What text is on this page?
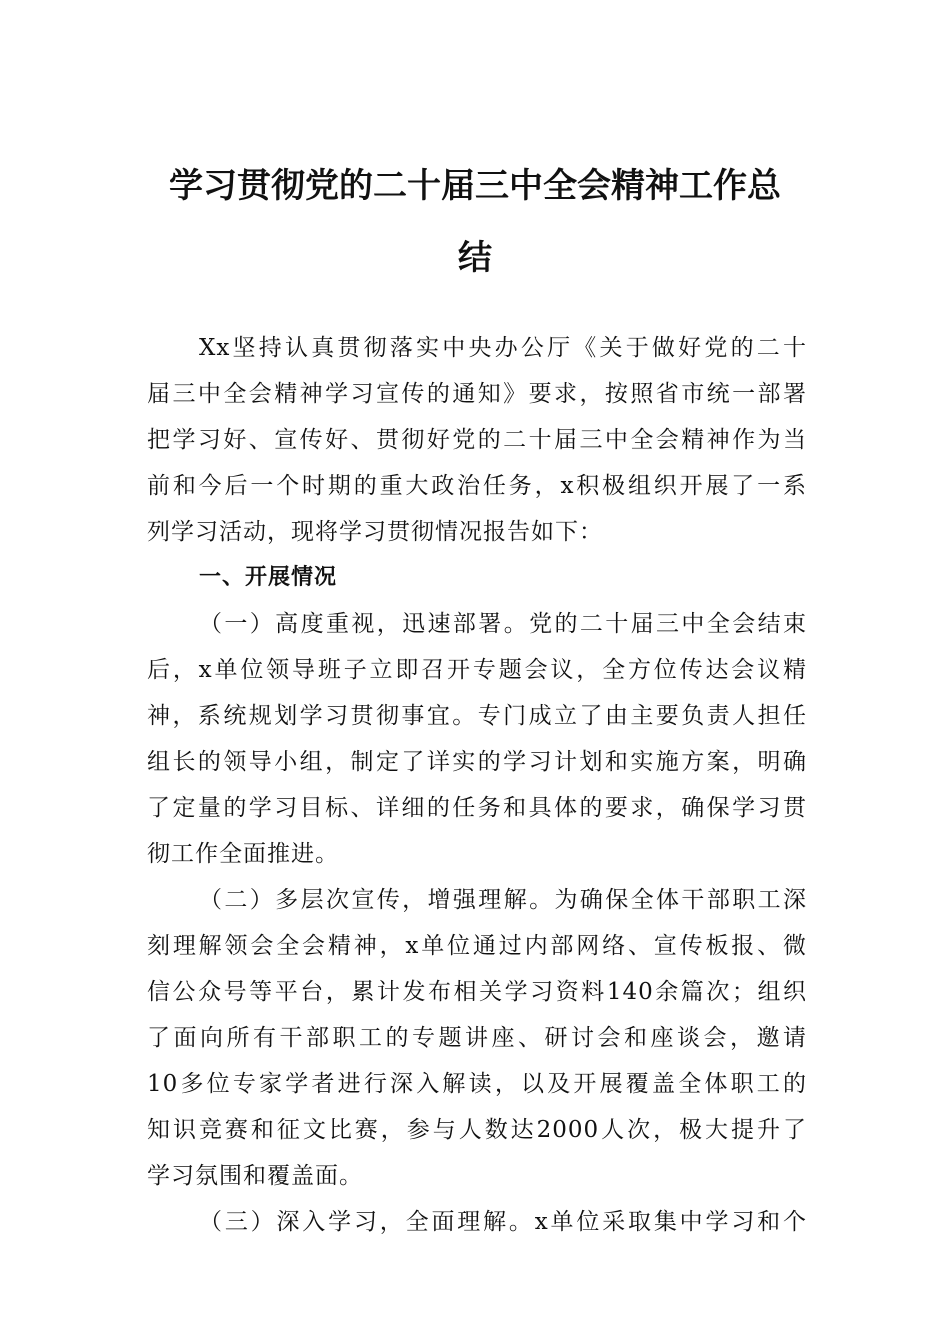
学习贯彻党的二十届三中全会精神工作总
结
Xx坚持认真贯彻落实中央办公厅《关于做好党的二十
届三中全会精神学习宣传的通知》要求，按照省市统一部署
把学习好、宣传好、贯彻好党的二十届三中全会精神作为当
前和今后一个时期的重大政治任务，x积极组织开展了一系
列学习活动，现将学习贯彻情况报告如下：
一、开展情况
（一）高度重视，迅速部署。党的二十届三中全会结束
后，x单位领导班子立即召开专题会议，全方位传达会议精
神，系统规划学习贯彻事宜。专门成立了由主要负责人担任
组长的领导小组，制定了详实的学习计划和实施方案，明确
了定量的学习目标、详细的任务和具体的要求，确保学习贯
彻工作全面推进。
（二）多层次宣传，增强理解。为确保全体干部职工深
刻理解领会全会精神，x单位通过内部网络、宣传板报、微
信公众号等平台，累计发布相关学习资料140余篇次；组织
了面向所有干部职工的专题讲座、研讨会和座谈会，邀请
10多位专家学者进行深入解读，以及开展覆盖全体职工的
知识竞赛和征文比赛，参与人数达2000人次，极大提升了
学习氛围和覆盖面。
（三）深入学习，全面理解。x单位采取集中学习和个
